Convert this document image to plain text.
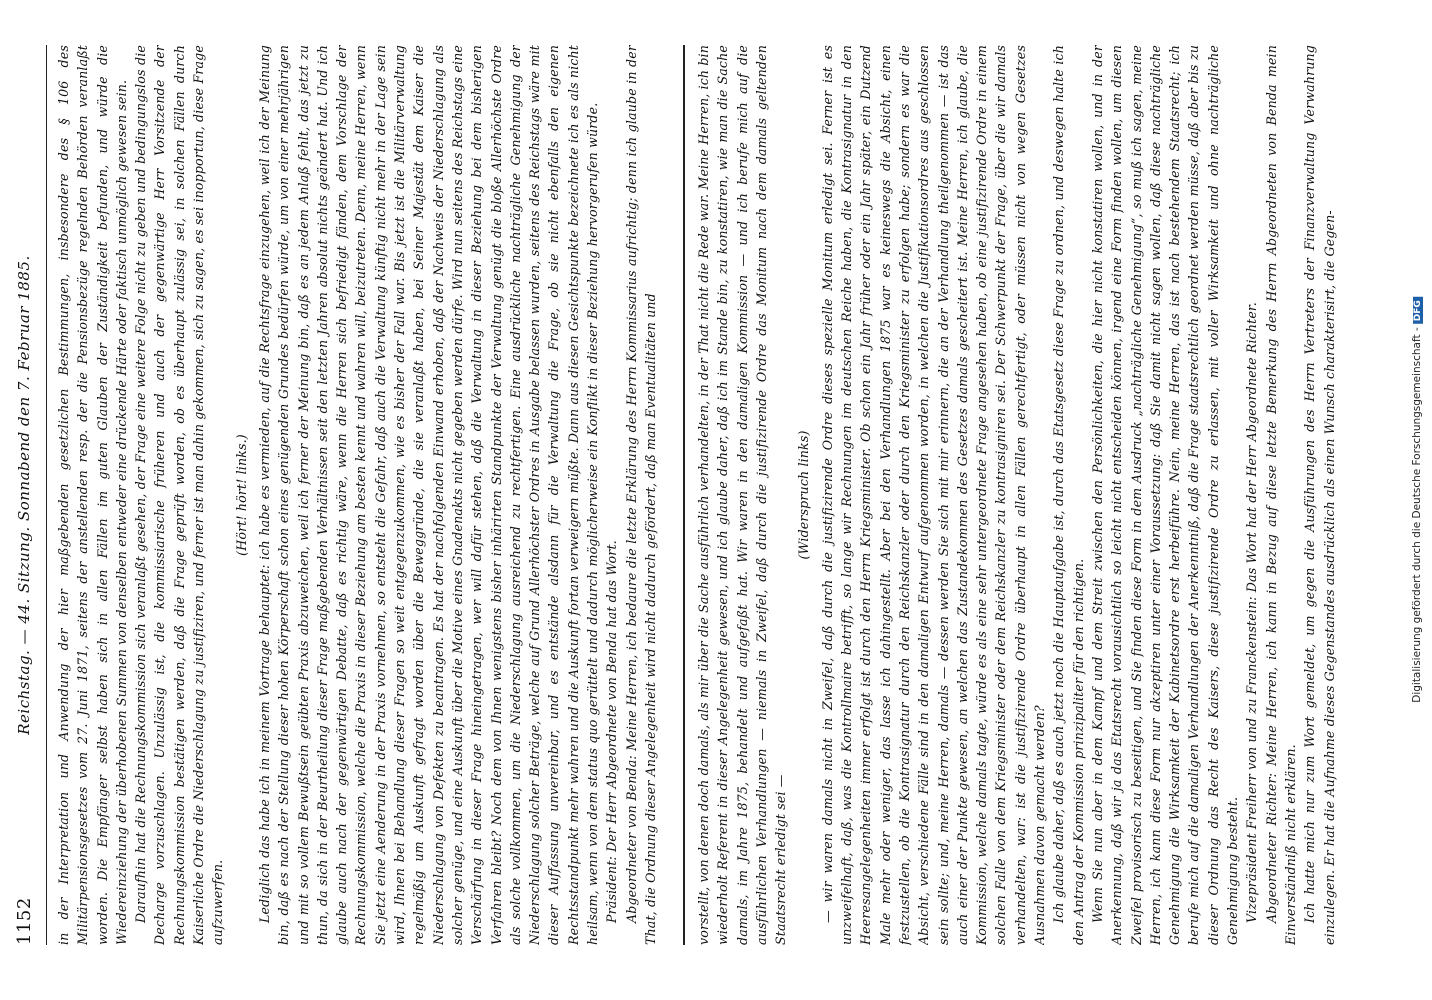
1152
Reichstag. — 44. Sitzung. Sonnabend den 7. Februar 1885. in der Interpretation und Anwendung der hier maßgebenden gesetzlichen Bestimmungen, insbesondere des § 106 des Militärpensionsgesetzes vom 27. Juni 1871, seitens der anstellenden resp. der die Pensionsbezüge regelnden Behörden veranlaßt worden. Die Empfänger selbst haben sich in allen Fällen im guten Glauben der Zuständigkeit befunden, und würde die Wiedereinziehung der überhobenen Summen von denselben entweder eine drückende Härte oder faktisch unmöglich gewesen sein. Daraufhin hat die Rechnungskommission sich veranlaßt gesehen, der Frage eine weitere Folge nicht zu geben und bedingungslos die Decharge vorzuschlagen. Unzulässig ist, die kommissiarische früheren und auch der gegenwärtige Herr Vorsitzende der Rechnungskommission bestätigen werden, daß die Frage geprüft worden, ob es überhaupt zulässig sei, in solchen Fällen durch Kaiserliche Ordre die Niederschlagung zu justifiziren, und ferner ist man dahin gekommen, sich zu sagen, es sei inopportun, diese Frage aufzuwerfen.

(Hört! hört! links.) Lediglich das habe ich in meinem Vortrage behauptet: ich habe es vermieden, auf die Rechtsfrage einzugehen, weil ich der Meinung bin, daß es nach der Stellung dieser hohen Körperschaft schon eines genügenden Grundes bedürfen würde, um von einer mehrjährigen und mit so vollem Bewußtsein geübten Praxis abzuweichen, weil ich ferner der Meinung bin, daß es an jedem Anlaß fehlt, das jetzt zu thun, da sich in der Beurtheilung dieser Frage maßgebenden Verhältnissen seit den letzten Jahren absolut nichts geändert hat. Und ich glaube auch nach der gegenwärtigen Debatte, daß es richtig wäre, wenn die Herren sich befriedigt fänden, dem Vorschlage der Rechnungskommission, welche die Praxis in dieser Beziehung am besten kennt und wahren will, beizutreten. Denn, meine Herren, wenn Sie jetzt eine Aenderung in der Praxis vornehmen, so entsteht die Gefahr, daß auch die Verwaltung künftig nicht mehr in der Lage sein wird, Ihnen bei Behandlung dieser Fragen so weit entgegenzukommen, wie es bisher der Fall war. Bis jetzt ist die Militärverwaltung regelmäßig um Auskunft gefragt worden über die Beweggründe, die sie veranlaßt haben, bei Seiner Majestät dem Kaiser die Niederschlagung von Defekten zu beantragen. Es hat der nachfolgenden Einwand erhoben, daß der Nachweis der Niederschlagung als solcher genüge, und eine Auskunft über die Motive eines Gnadenakts nicht gegeben werden dürfe. Wird nun seitens des Reichstags eine Verschärfung in dieser Frage hineingetragen, wer will dafür stehen, daß die Verwaltung in dieser Beziehung bei dem bisherigen Verfahren bleibt? Noch dem von Ihnen wenigstens bisher inhärirten Standpunkte der Verwaltung genügt die bloße Allerhöchste Ordre als solche vollkommen, um die Niederschlagung ausreichend zu rechtfertigen. Eine ausdrückliche nachträgliche Genehmigung der Niederschlagung solcher Beträge, welche auf Grund Allerhöchster Ordres in Ausgabe belassen wurden, seitens des Reichstags wäre mit dieser Auffassung unvereinbar, und es entstände alsdann für die Verwaltung die Frage, ob sie nicht ebenfalls den eigenen Rechtsstandpunkt mehr wahren und die Auskunft fortan verweigern müßte. Dann aus diesen Gesichtspunkte bezeichnete ich es als nicht heilsam, wenn von dem status quo gerüttelt und dadurch möglicherweise ein Konflikt in dieser Beziehung hervorgerufen würde. Präsident: Der Herr Abgeordnete von Benda hat das Wort. Abgeordneter von Benda: Meine Herren, ich bedaure die letzte Erklärung des Herrn Kommissarius aufrichtig; denn ich glaube in der That, die Ordnung dieser Angelegenheit wird nicht dadurch gefördert, daß man Eventualitäten und	vorstellt, von denen doch damals, als mir über die Sache ausführlich verhandelten, in der That nicht die Rede war. Meine Herren, ich bin wiederholt Referent in dieser Angelegenheit gewesen, und ich glaube daher, daß ich im Stande bin, zu konstatiren, wie man die Sache damals, im Jahre 1875, behandelt und aufgefaßt hat. Wir waren in den damaligen Kommission — und ich berufe mich auf die ausführlichen Verhandlungen — niemals in Zweifel, daß durch die justifizirende Ordre das Monitum nach dem damals geltenden Staatsrecht erledigt sei —

(Widerspruch links) — wir waren damals nicht in Zweifel, daß durch die justifizirende Ordre dieses spezielle Monitum erledigt sei. Ferner ist es unzweifelhaft, daß, was die Kontrollmaire betrifft, so lange wir Rechnungen im deutschen Reiche haben, die Kontrasignatur in den Heeresangelegenheiten immer erfolgt ist durch den Herrn Kriegsminister. Ob schon ein Jahr früher oder ein Jahr später, ein Dutzend Male mehr oder weniger, das lasse ich dahingestellt. Aber bei den Verhandlungen 1875 war es keineswegs die Absicht, einen festzustellen, ob die Kontrasignatur durch den Reichskanzler oder durch den Kriegsminister zu erfolgen habe; sondern es war die Absicht, verschiedene Fälle sind in den damaligen Entwurf aufgenommen worden, in welchen die Justifikationsordres aus geschlossen sein sollte; und, meine Herren, damals — dessen werden Sie sich mit mir erinnern, die an der Verhandlung theilgenommen — ist das auch einer der Punkte gewesen, an welchen das Zustandekommen des Gesetzes damals gescheitert ist. Meine Herren, ich glaube, die Kommission, welche damals tagte, würde es als eine sehr untergeordnete Frage angesehen haben, ob eine justifizirende Ordre in einem solchen Falle von dem Kriegsminister oder dem Reichskanzler zu kontrasigniren sei. Der Schwerpunkt der Frage, über die wir damals verhandelten, war: ist die justifizirende Ordre überhaupt in allen Fällen gerechtfertigt, oder müssen nicht von wegen Gesetzes Ausnahmen davon gemacht werden? Ich glaube daher, daß es auch jetzt noch die Hauptaufgabe ist, durch das Etatsgesetz diese Frage zu ordnen, und deswegen halte ich den Antrag der Kommission prinzipaliter für den richtigen. Wenn Sie nun aber in dem Kampf und dem Streit zwischen den Persönlichkeiten, die hier nicht konstatiren wollen, und in der Anerkennung, daß wir ja das Etatsrecht vorausichtlich so leicht nicht entscheiden können, irgend eine Form finden wollen, um diesen Zweifel provisorisch zu beseitigen, und Sie finden diese Form in dem Ausdruck „nachträgliche Genehmigung“, so muß ich sagen, meine Herren, ich kann diese Form nur akzeptiren unter einer Voraussetzung: daß Sie damit nicht sagen wollen, daß diese nachträgliche Genehmigung die Wirksamkeit der Kabinetsordre erst herbeiführe. Nein, meine Herren, das ist nach bestehendem Staatsrecht; ich berufe mich auf die damaligen Verhandlungen der Anerkenntniß, daß die Frage staatsrechtlich geordnet werden müsse, daß aber bis zu dieser Ordnung das Recht des Kaisers, diese justifizirende Ordre zu erlassen, mit voller Wirksamkeit und ohne nachträgliche Genehmigung besteht. Vizepräsident Freiherr von und zu Franckenstein: Das Wort hat der Herr Abgeordnete Richter. Abgeordneter Richter: Meine Herren, ich kann in Bezug auf diese letzte Bemerkung des Herrn Abgeordneten von Benda mein Einverständniß nicht erklären. Ich hatte mich nur zum Wort gemeldet, um gegen die Ausführungen des Herrn Vertreters der Finanzverwaltung Verwahrung einzulegen. Er hat die Aufnahme dieses Gegenstandes ausdrücklich als einen Wunsch charakterisirt, die Gegen-	Digitalisierung gefördert durch die Deutsche Forschungsgemeinschaft -DFG
